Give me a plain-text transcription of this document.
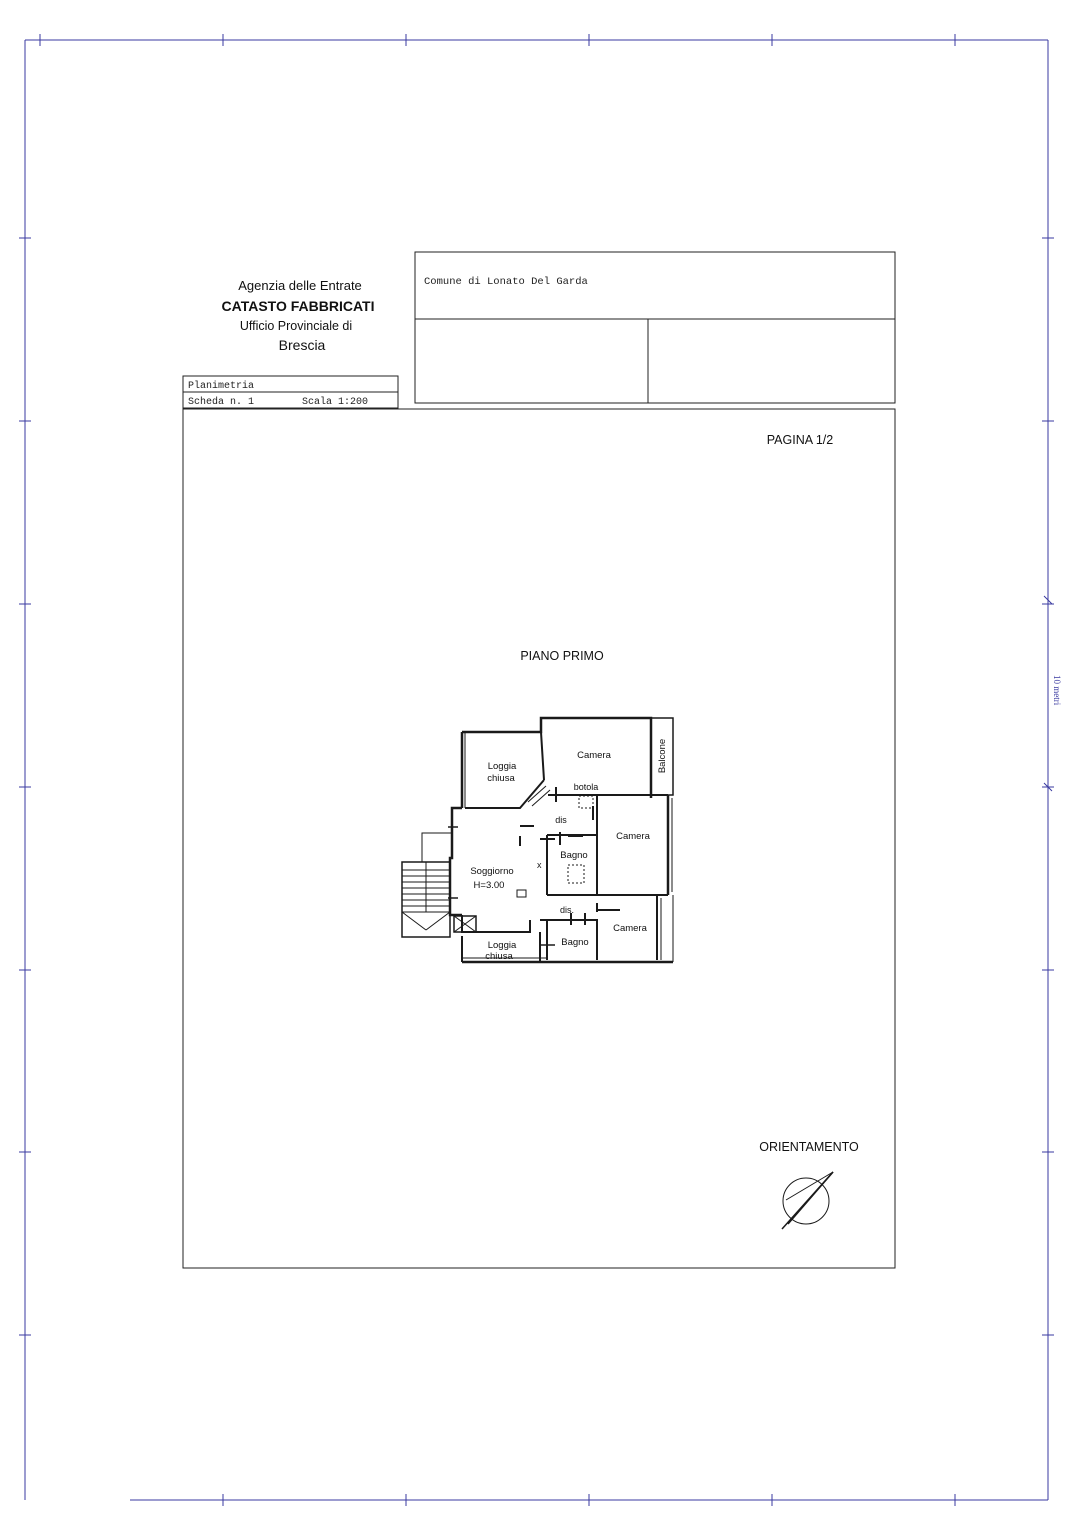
10 metri
Agenzia delle Entrate
CATASTO FABBRICATI
Ufficio Provinciale di
Brescia
Comune di Lonato Del Garda
Planimetria
Scheda n. 1	Scala 1:200
PAGINA 1/2
PIANO PRIMO
x
Loggia
chiusa
Camera	Balcone
botola
dis
Camera
Bagno
Soggiorno
H=3.00
dis.
Camera
Loggia
chiusa
Bagno
ORIENTAMENTO
